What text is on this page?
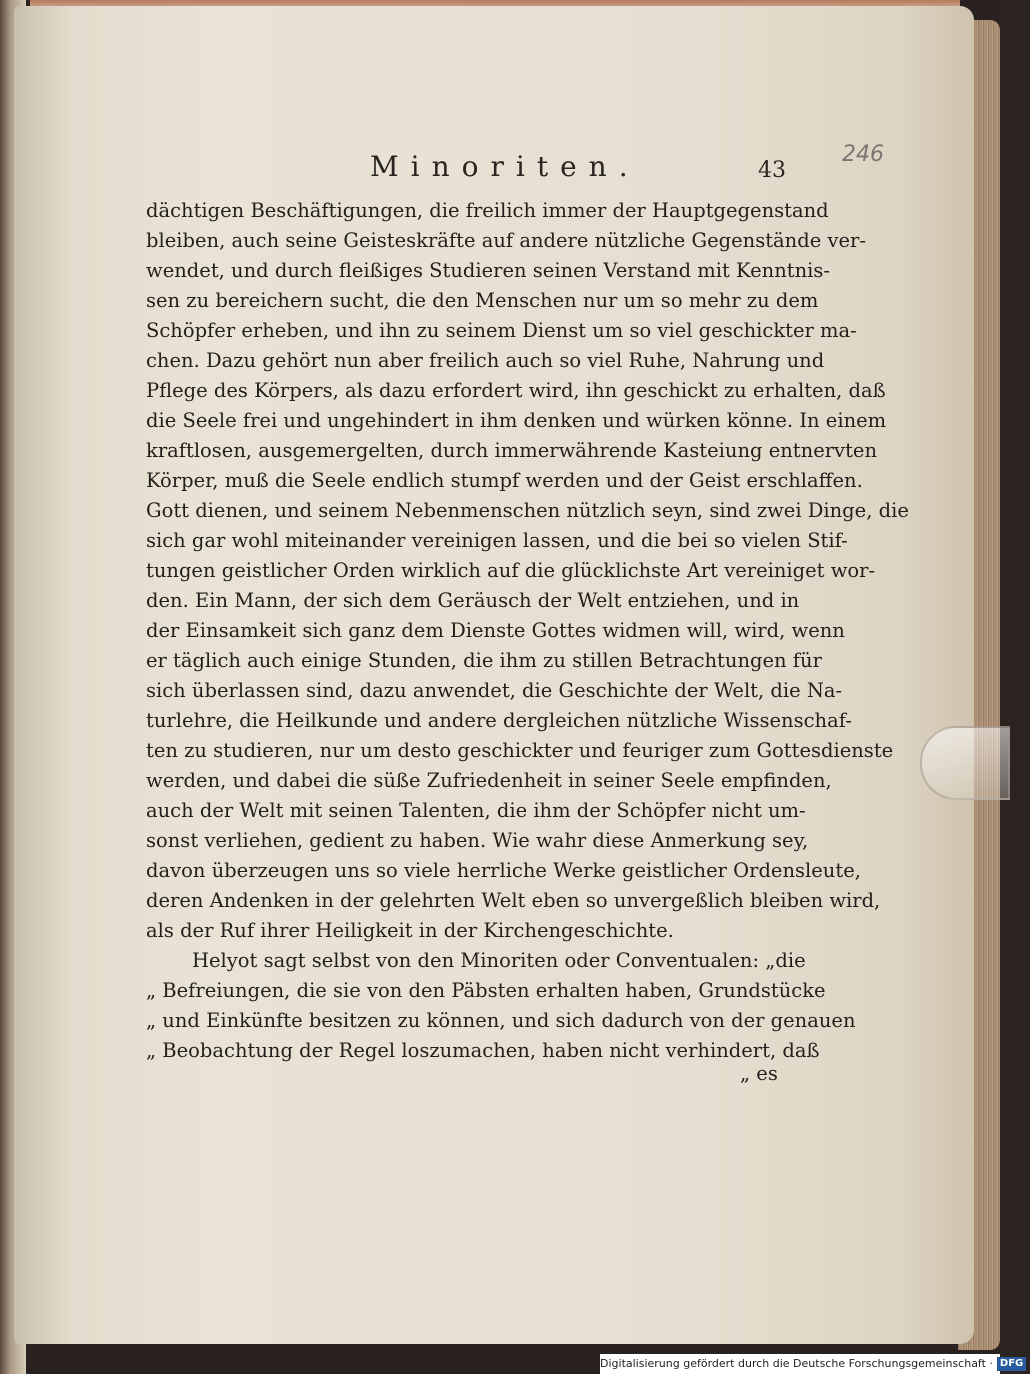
Minoriten.	43
246
dächtigen Beschäftigungen, die freilich immer der Hauptgegenstand
bleiben, auch seine Geisteskräfte auf andere nützliche Gegenstände ver-
wendet, und durch fleißiges Studieren seinen Verstand mit Kenntnis-
sen zu bereichern sucht, die den Menschen nur um so mehr zu dem
Schöpfer erheben, und ihn zu seinem Dienst um so viel geschickter ma-
chen. Dazu gehört nun aber freilich auch so viel Ruhe, Nahrung und
Pflege des Körpers, als dazu erfordert wird, ihn geschickt zu erhalten, daß
die Seele frei und ungehindert in ihm denken und würken könne. In einem
kraftlosen, ausgemergelten, durch immerwährende Kasteiung entnervten
Körper, muß die Seele endlich stumpf werden und der Geist erschlaffen.
Gott dienen, und seinem Nebenmenschen nützlich seyn, sind zwei Dinge, die
sich gar wohl miteinander vereinigen lassen, und die bei so vielen Stif-
tungen geistlicher Orden wirklich auf die glücklichste Art vereiniget wor-
den. Ein Mann, der sich dem Geräusch der Welt entziehen, und in
der Einsamkeit sich ganz dem Dienste Gottes widmen will, wird, wenn
er täglich auch einige Stunden, die ihm zu stillen Betrachtungen für
sich überlassen sind, dazu anwendet, die Geschichte der Welt, die Na-
turlehre, die Heilkunde und andere dergleichen nützliche Wissenschaf-
ten zu studieren, nur um desto geschickter und feuriger zum Gottesdienste
werden, und dabei die süße Zufriedenheit in seiner Seele empfinden,
auch der Welt mit seinen Talenten, die ihm der Schöpfer nicht um-
sonst verliehen, gedient zu haben. Wie wahr diese Anmerkung sey,
davon überzeugen uns so viele herrliche Werke geistlicher Ordensleute,
deren Andenken in der gelehrten Welt eben so unvergeßlich bleiben wird,
als der Ruf ihrer Heiligkeit in der Kirchengeschichte.
Helyot sagt selbst von den Minoriten oder Conventualen: „die
„ Befreiungen, die sie von den Päbsten erhalten haben, Grundstücke
„ und Einkünfte besitzen zu können, und sich dadurch von der genauen
„ Beobachtung der Regel loszumachen, haben nicht verhindert, daß
„ es
Digitalisierung gefördert durch die Deutsche Forschungsgemeinschaft · DFG
